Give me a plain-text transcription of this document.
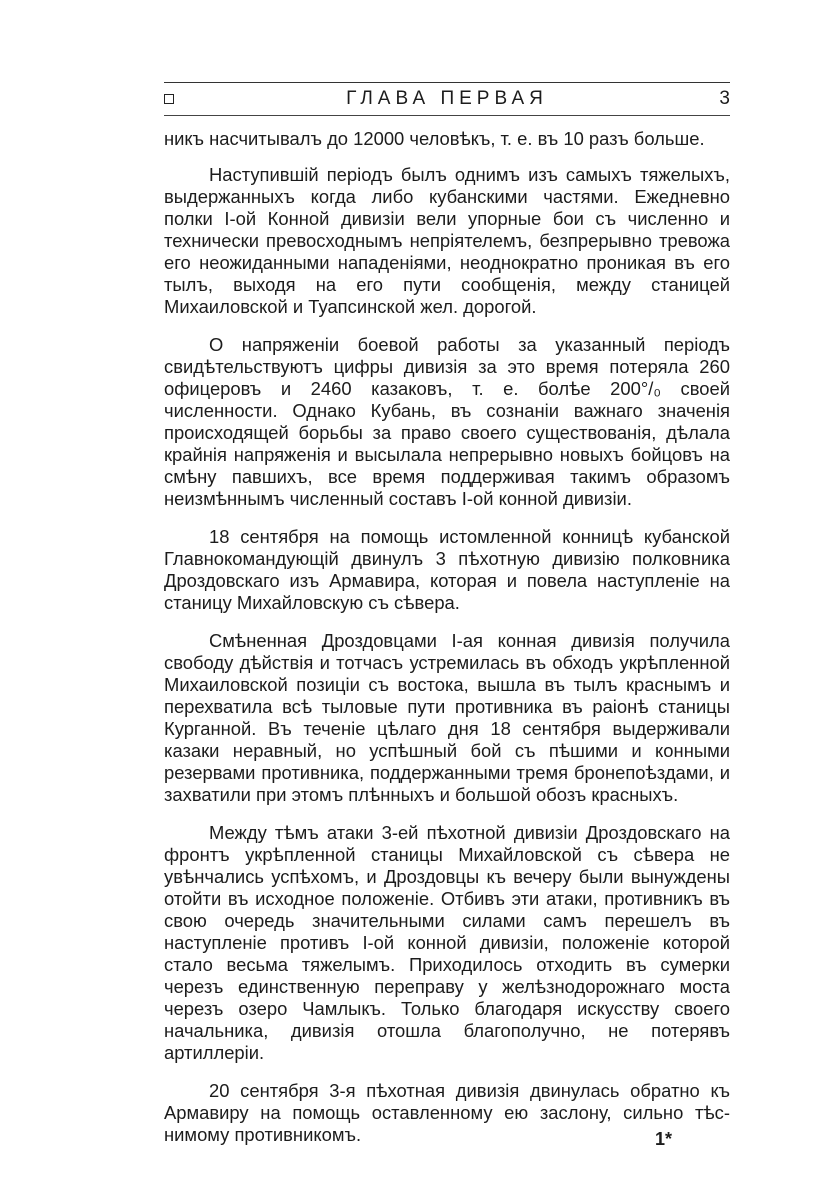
ГЛАВА ПЕРВАЯ	3

никъ насчитывалъ до 12000 человѣкъ, т. е. въ 10 разъ больше.

Наступившій періодъ былъ однимъ изъ самыхъ тяжелыхъ, выдержанныхъ когда либо кубанскими частями. Ежедневно полки I-ой Конной дивизіи вели упорные бои съ численно и технически превосходнымъ непріятелемъ, безпрерывно тревожа его неожиданными нападеніями, неоднократно проникая въ его тылъ, выходя на его пути сообщенія, между станицей Михаиловской и Туапсинской жел. дорогой.

О напряженіи боевой работы за указанный періодъ свидѣтельствуютъ цифры дивизія за это время потеряла 260 офицеровъ и 2460 казаковъ, т. е. болѣе 200°/₀ своей численности. Однако Кубань, въ сознаніи важнаго значенія происходящей борьбы за право своего существованія, дѣлала крайнія напряженія и высылала непрерывно новыхъ бойцовъ на смѣну павшихъ, все время поддерживая такимъ образомъ неизмѣннымъ численный составъ I-ой конной дивизіи.

18 сентября на помощь истомленной конницѣ кубанской Главнокомандующій двинулъ 3 пѣхотную дивизію полковника Дроздовскаго изъ Армавира, которая и повела наступленіе на станицу Михайловскую съ сѣвера.

Смѣненная Дроздовцами I-ая конная дивизія получила свободу дѣйствія и тотчасъ устремилась въ обходъ укрѣпленной Михаиловской позиціи съ востока, вышла въ тылъ краснымъ и перехватила всѣ тыловые пути противника въ раіонѣ станицы Курганной. Въ теченіе цѣлаго дня 18 сентября выдерживали казаки неравный, но успѣшный бой съ пѣшими и конными резервами противника, поддержанными тремя бронепоѣздами, и захватили при этомъ плѣнныхъ и большой обозъ красныхъ.

Между тѣмъ атаки 3-ей пѣхотной дивизіи Дроздовскаго на фронтъ укрѣпленной станицы Михайловской съ сѣвера не увѣнчались успѣхомъ, и Дроздовцы къ вечеру были вынуждены отойти въ исходное положеніе. Отбивъ эти атаки, противникъ въ свою очередь значительными силами самъ перешелъ въ наступленіе противъ I-ой конной дивизіи, положеніе которой стало весьма тяжелымъ. Приходилось отходить въ сумерки черезъ единственную переправу у желѣзнодорожнаго моста черезъ озеро Чамлыкъ. Только благодаря искусству своего начальника, дивизія отошла благополучно, не потерявъ артиллеріи.

20 сентября 3-я пѣхотная дивизія двинулась обратно къ Армавиру на помощь оставленному ею заслону, сильно тѣснимому противникомъ.	1*
